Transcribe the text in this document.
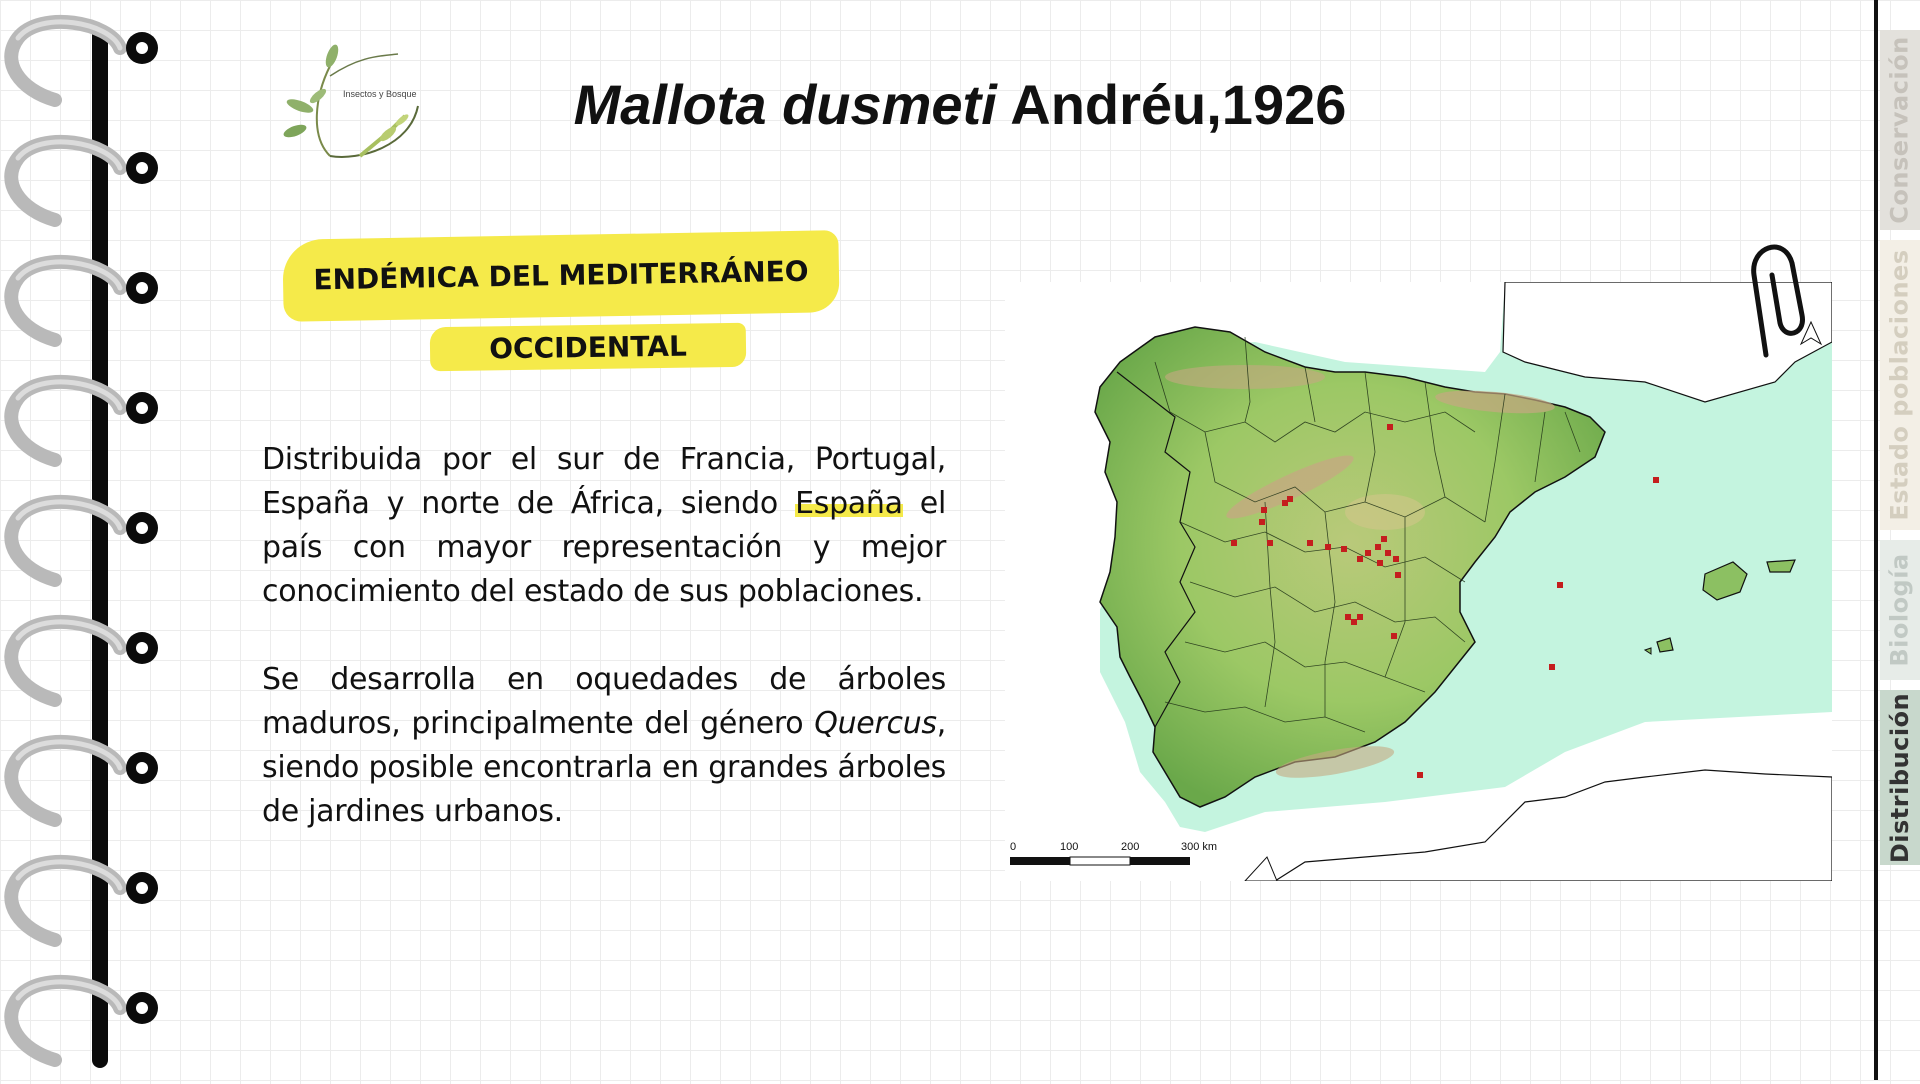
Insectos y Bosque	Mallota dusmeti Andréu,1926
ENDÉMICA DEL MEDITERRÁNEO
OCCIDENTAL

Distribuida por el sur de Francia, Portugal, España y norte de África, siendo España el país con mayor representación y mejor conocimiento del estado de sus poblaciones.

Se desarrolla en oquedades de árboles maduros, principalmente del género Quercus, siendo posible encontrarla en grandes árboles de jardines urbanos.

0	100	200	300 km
Conservación
Estado poblaciones
Biología
Distribución
